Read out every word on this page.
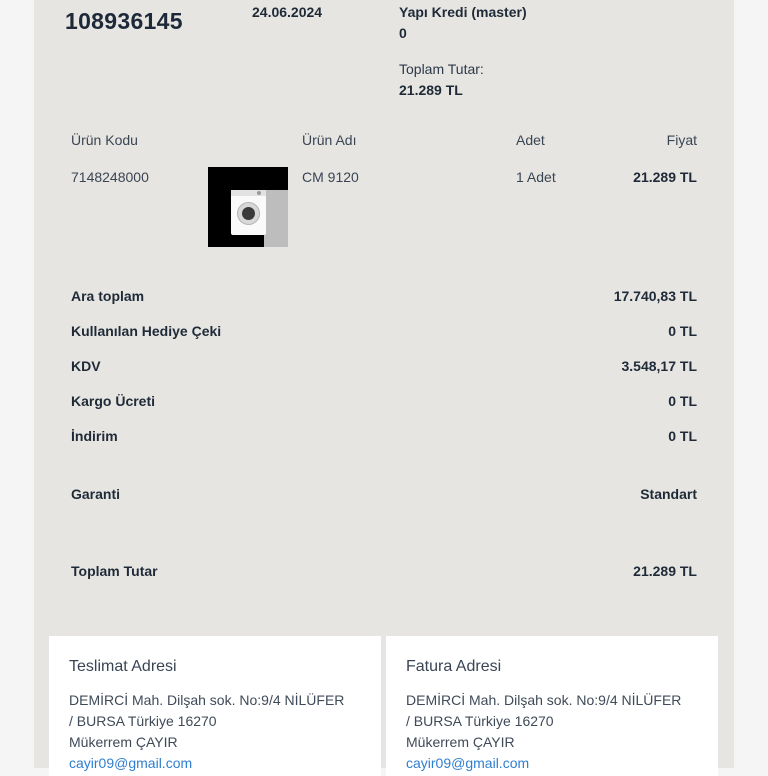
108936145	24.06.2024	Yapı Kredi (master)
0
Toplam Tutar:
21.289 TL
Ürün Kodu	Ürün Adı	Adet	Fiyat
7148248000	CM 9120	1 Adet	21.289 TL
Ara toplam	17.740,83 TL
Kullanılan Hediye Çeki	0 TL
KDV	3.548,17 TL
Kargo Ücreti	0 TL
İndirim	0 TL
Garanti	Standart
Toplam Tutar	21.289 TL
Teslimat Adresi
DEMİRCİ Mah. Dilşah sok. No:9/4 NİLÜFER
/ BURSA Türkiye 16270
Mükerrem ÇAYIR
cayir09@gmail.com
Fatura Adresi
DEMİRCİ Mah. Dilşah sok. No:9/4 NİLÜFER
/ BURSA Türkiye 16270
Mükerrem ÇAYIR
cayir09@gmail.com
